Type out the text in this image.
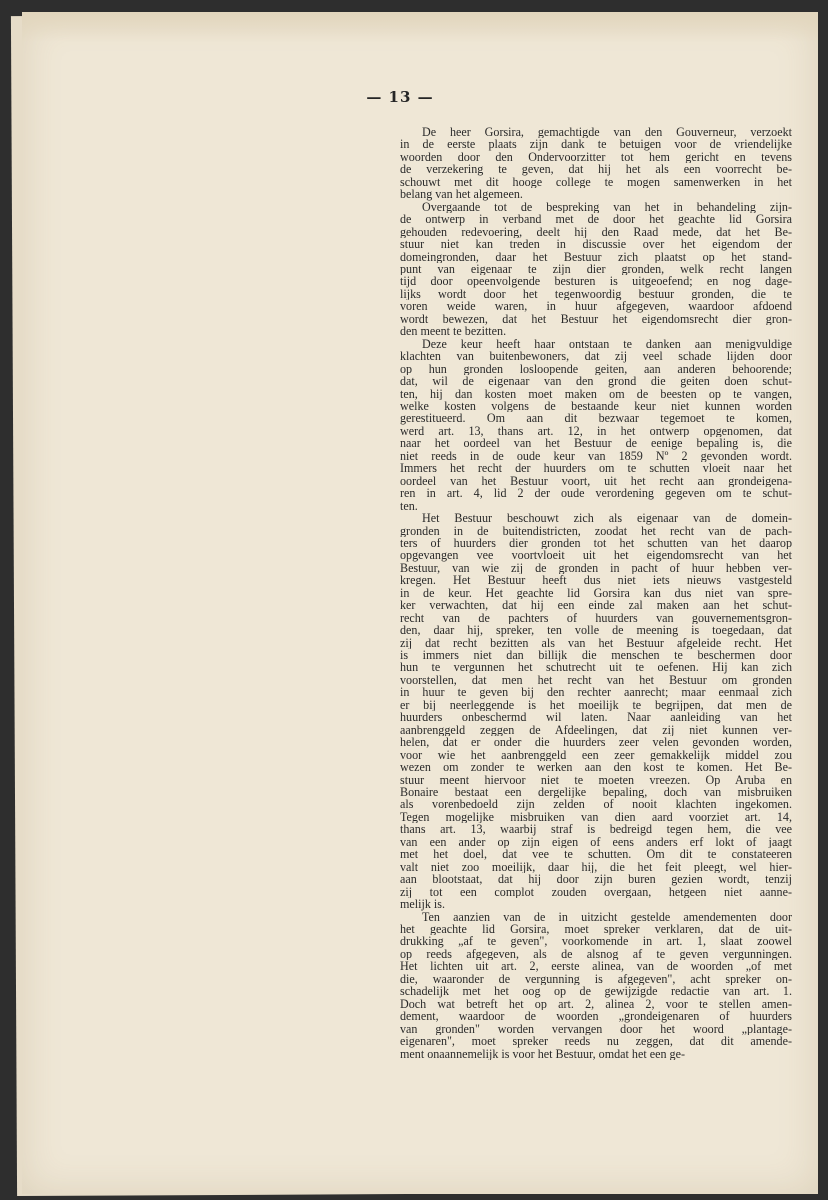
— 13 —
De heer Gorsira, gemachtigde van den Gouverneur, verzoekt
in de eerste plaats zijn dank te betuigen voor de vriendelijke
woorden door den Ondervoorzitter tot hem gericht en tevens
de verzekering te geven, dat hij het als een voorrecht be-
schouwt met dit hooge college te mogen samenwerken in het
belang van het algemeen.
Overgaande tot de bespreking van het in behandeling zijn-
de ontwerp in verband met de door het geachte lid Gorsira
gehouden redevoering, deelt hij den Raad mede, dat het Be-
stuur niet kan treden in discussie over het eigendom der
domeingronden, daar het Bestuur zich plaatst op het stand-
punt van eigenaar te zijn dier gronden, welk recht langen
tijd door opeenvolgende besturen is uitgeoefend; en nog dage-
lijks wordt door het tegenwoordig bestuur gronden, die te
voren weide waren, in huur afgegeven, waardoor afdoend
wordt bewezen, dat het Bestuur het eigendomsrecht dier gron-
den meent te bezitten.
Deze keur heeft haar ontstaan te danken aan menigvuldige
klachten van buitenbewoners, dat zij veel schade lijden door
op hun gronden losloopende geiten, aan anderen behoorende;
dat, wil de eigenaar van den grond die geiten doen schut-
ten, hij dan kosten moet maken om de beesten op te vangen,
welke kosten volgens de bestaande keur niet kunnen worden
gerestitueerd. Om aan dit bezwaar tegemoet te komen,
werd art. 13, thans art. 12, in het ontwerp opgenomen, dat
naar het oordeel van het Bestuur de eenige bepaling is, die
niet reeds in de oude keur van 1859 Nº 2 gevonden wordt.
Immers het recht der huurders om te schutten vloeit naar het
oordeel van het Bestuur voort, uit het recht aan grondeigena-
ren in art. 4, lid 2 der oude verordening gegeven om te schut-
ten.
Het Bestuur beschouwt zich als eigenaar van de domein-
gronden in de buitendistricten, zoodat het recht van de pach-
ters of huurders dier gronden tot het schutten van het daarop
opgevangen vee voortvloeit uit het eigendomsrecht van het
Bestuur, van wie zij de gronden in pacht of huur hebben ver-
kregen. Het Bestuur heeft dus niet iets nieuws vastgesteld
in de keur. Het geachte lid Gorsira kan dus niet van spre-
ker verwachten, dat hij een einde zal maken aan het schut-
recht van de pachters of huurders van gouvernementsgron-
den, daar hij, spreker, ten volle de meening is toegedaan, dat
zij dat recht bezitten als van het Bestuur afgeleide recht. Het
is immers niet dan billijk die menschen te beschermen door
hun te vergunnen het schutrecht uit te oefenen. Hij kan zich
voorstellen, dat men het recht van het Bestuur om gronden
in huur te geven bij den rechter aanrecht; maar eenmaal zich
er bij neerleggende is het moeilijk te begrijpen, dat men de
huurders onbeschermd wil laten. Naar aanleiding van het
aanbrenggeld zeggen de Afdeelingen, dat zij niet kunnen ver-
helen, dat er onder die huurders zeer velen gevonden worden,
voor wie het aanbrenggeld een zeer gemakkelijk middel zou
wezen om zonder te werken aan den kost te komen. Het Be-
stuur meent hiervoor niet te moeten vreezen. Op Aruba en
Bonaire bestaat een dergelijke bepaling, doch van misbruiken
als vorenbedoeld zijn zelden of nooit klachten ingekomen.
Tegen mogelijke misbruiken van dien aard voorziet art. 14,
thans art. 13, waarbij straf is bedreigd tegen hem, die vee
van een ander op zijn eigen of eens anders erf lokt of jaagt
met het doel, dat vee te schutten. Om dit te constateeren
valt niet zoo moeilijk, daar hij, die het feit pleegt, wel hier-
aan blootstaat, dat hij door zijn buren gezien wordt, tenzij
zij tot een complot zouden overgaan, hetgeen niet aanne-
melijk is.
Ten aanzien van de in uitzicht gestelde amendementen door
het geachte lid Gorsira, moet spreker verklaren, dat de uit-
drukking „af te geven", voorkomende in art. 1, slaat zoowel
op reeds afgegeven, als de alsnog af te geven vergunningen.
Het lichten uit art. 2, eerste alinea, van de woorden „of met
die, waaronder de vergunning is afgegeven", acht spreker on-
schadelijk met het oog op de gewijzigde redactie van art. 1.
Doch wat betreft het op art. 2, alinea 2, voor te stellen amen-
dement, waardoor de woorden „grondeigenaren of huurders
van gronden" worden vervangen door het woord „plantage-
eigenaren", moet spreker reeds nu zeggen, dat dit amende-
ment onaannemelijk is voor het Bestuur, omdat het een ge-
